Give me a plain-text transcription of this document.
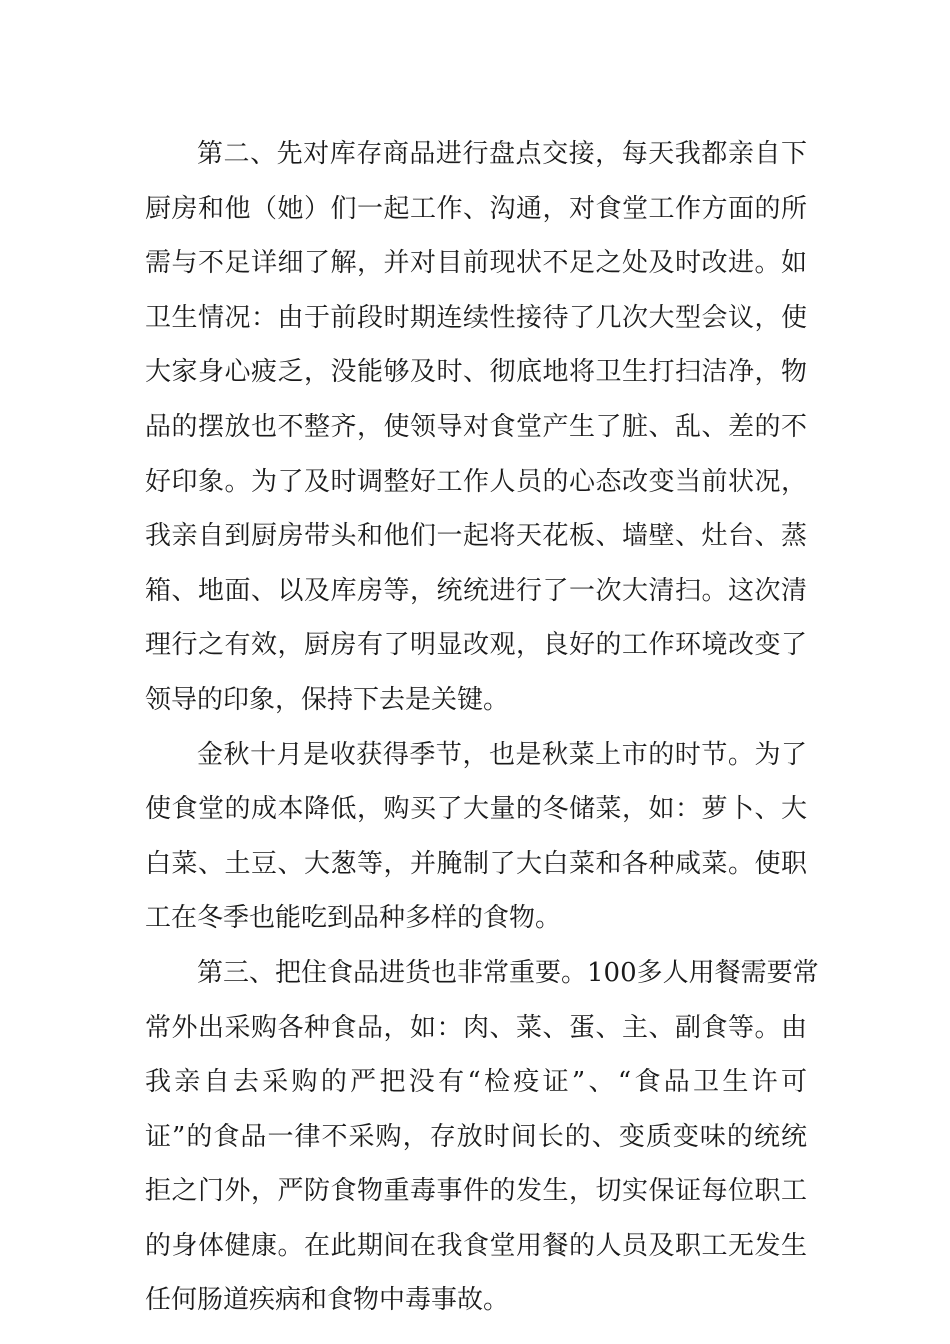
第二、先对库存商品进行盘点交接，每天我都亲自下
厨房和他（她）们一起工作、沟通，对食堂工作方面的所
需与不足详细了解，并对目前现状不足之处及时改进。如
卫生情况：由于前段时期连续性接待了几次大型会议，使
大家身心疲乏，没能够及时、彻底地将卫生打扫洁净，物
品的摆放也不整齐，使领导对食堂产生了脏、乱、差的不
好印象。为了及时调整好工作人员的心态改变当前状况，
我亲自到厨房带头和他们一起将天花板、墙壁、灶台、蒸
箱、地面、以及库房等，统统进行了一次大清扫。这次清
理行之有效，厨房有了明显改观，良好的工作环境改变了
领导的印象，保持下去是关键。
金秋十月是收获得季节，也是秋菜上市的时节。为了
使食堂的成本降低，购买了大量的冬储菜，如：萝卜、大
白菜、土豆、大葱等，并腌制了大白菜和各种咸菜。使职
工在冬季也能吃到品种多样的食物。
第三、把住食品进货也非常重要。100多人用餐需要常
常外出采购各种食品，如：肉、菜、蛋、主、副食等。由
我亲自去采购的严把没有“检疫证”、“食品卫生许可
证”的食品一律不采购，存放时间长的、变质变味的统统
拒之门外，严防食物重毒事件的发生，切实保证每位职工
的身体健康。在此期间在我食堂用餐的人员及职工无发生
任何肠道疾病和食物中毒事故。
